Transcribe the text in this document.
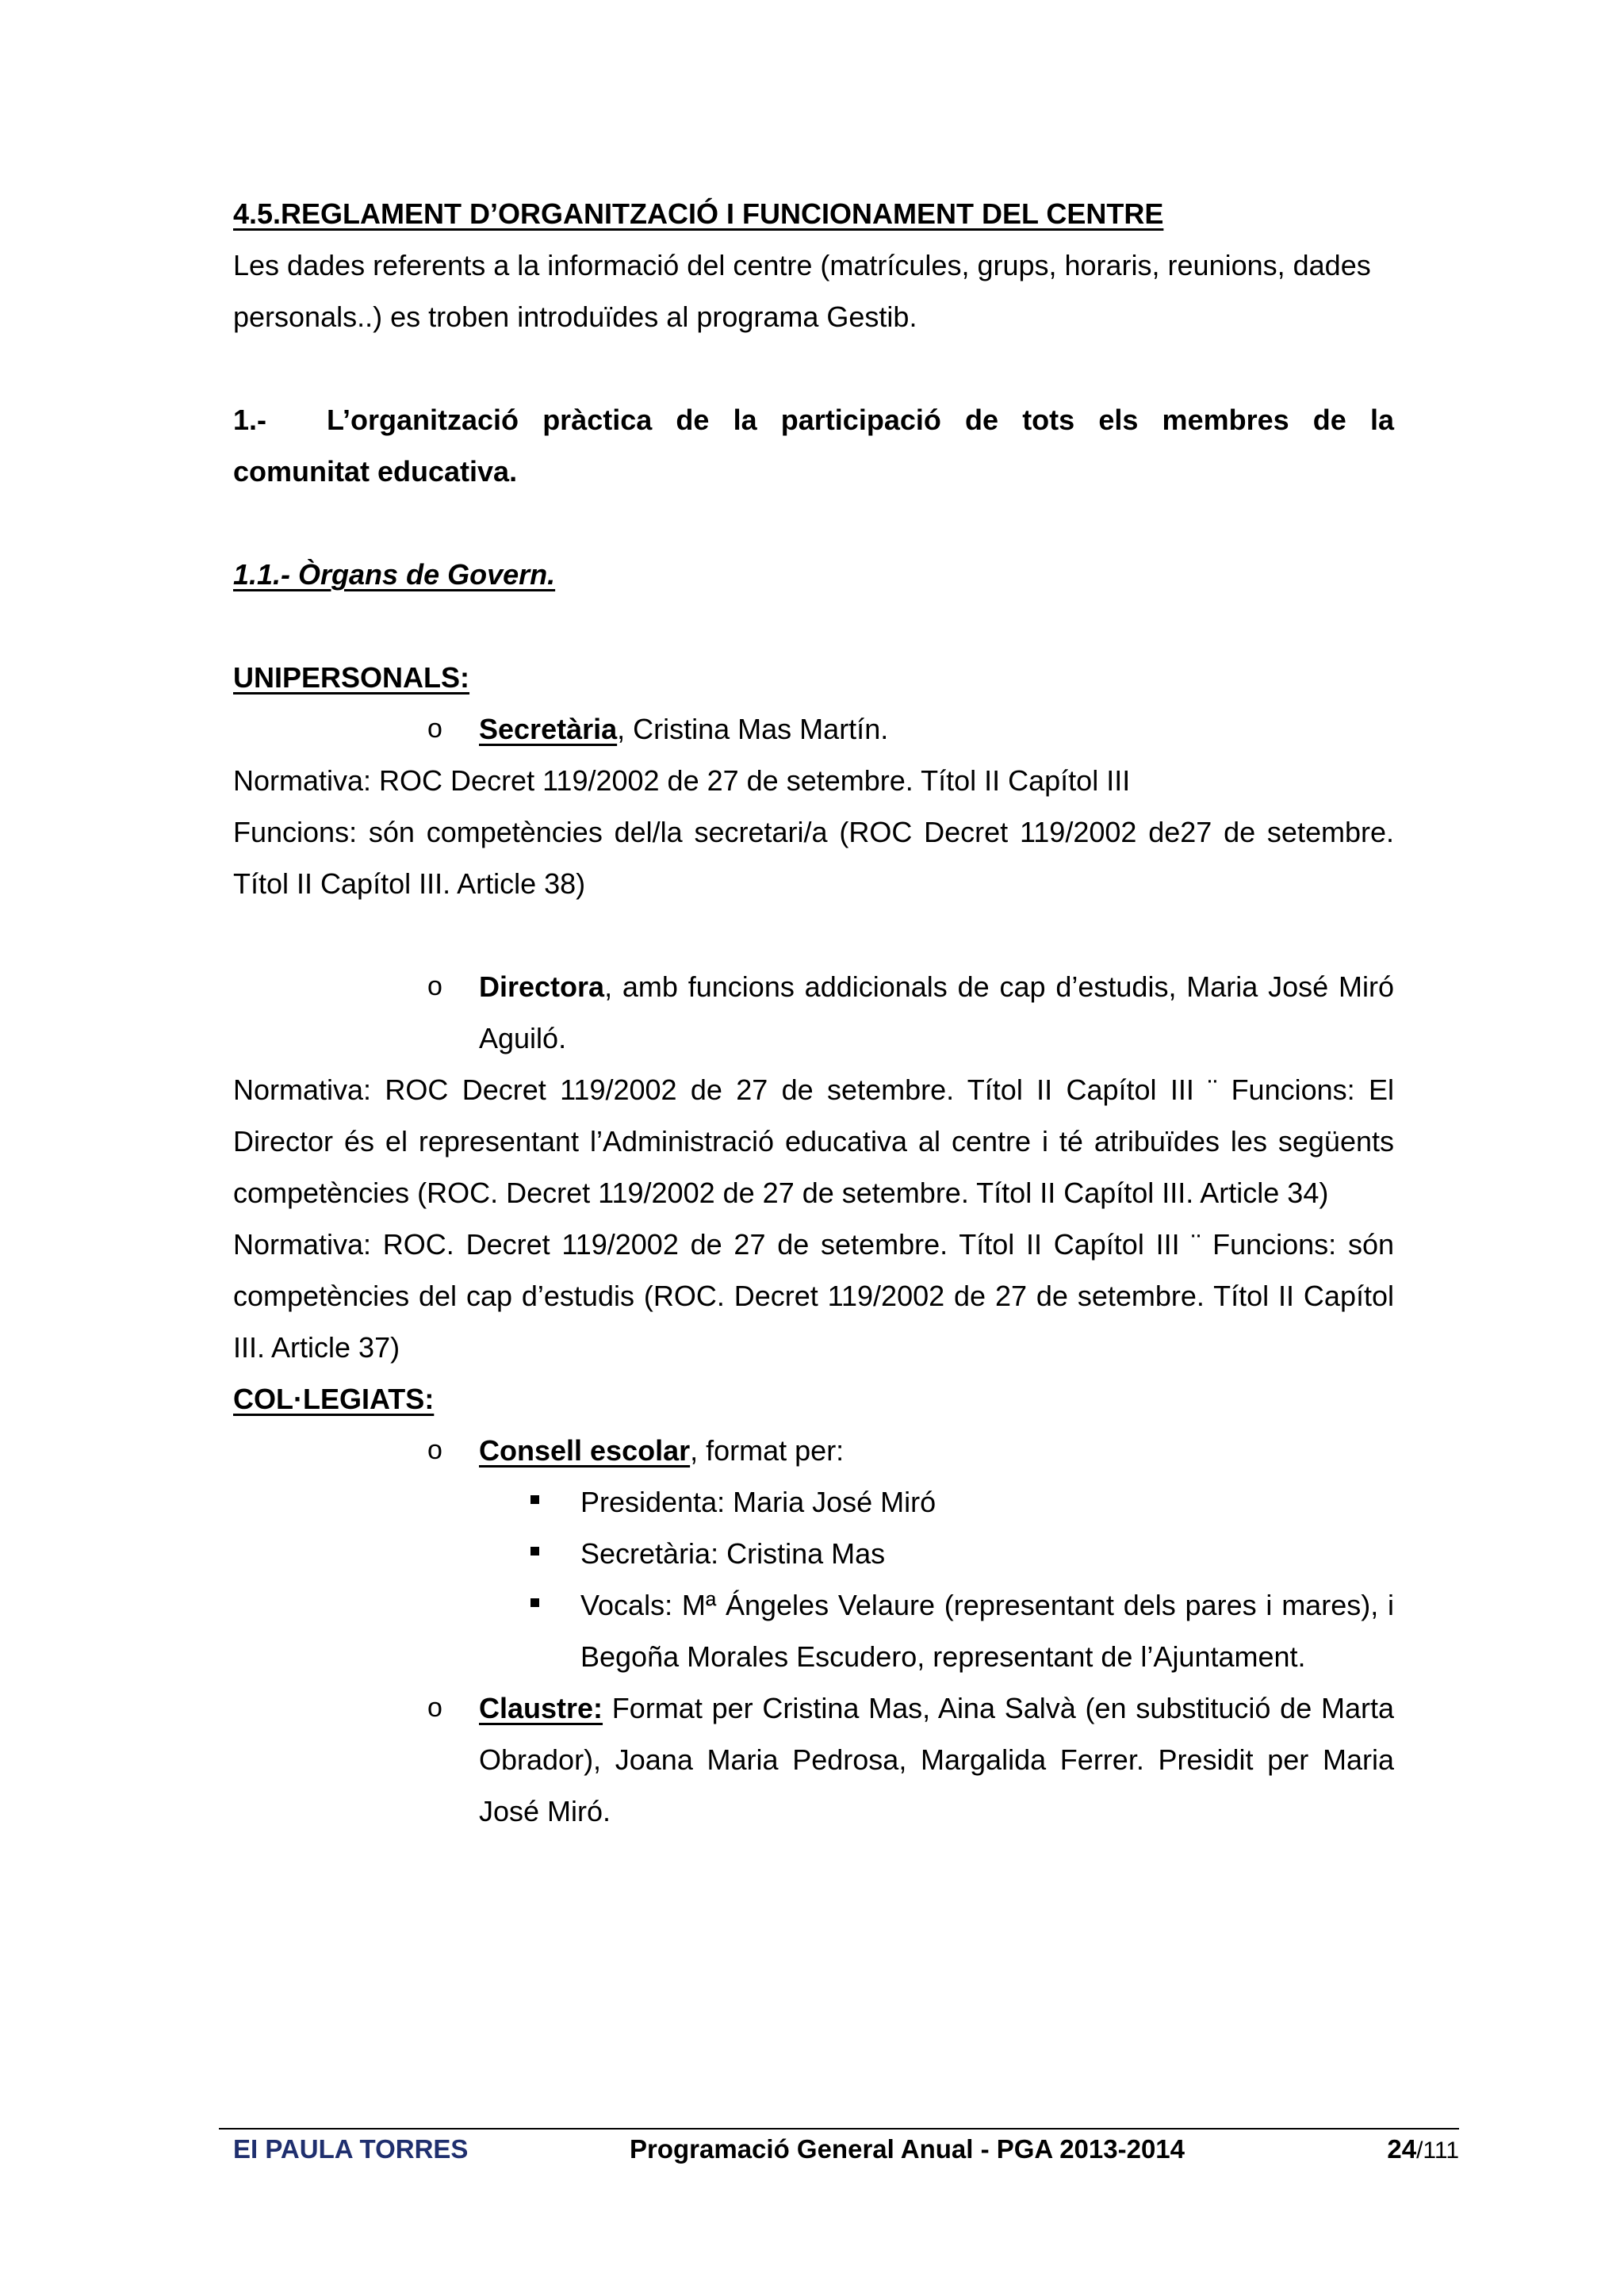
4.5.REGLAMENT D’ORGANITZACIÓ I FUNCIONAMENT DEL CENTRE

Les dades referents a la informació del centre (matrícules, grups, horaris, reunions, dades personals..) es troben introduïdes al programa Gestib.

1.-	L’organització pràctica de la participació de tots els membres de la

comunitat educativa.

1.1.- Òrgans de Govern.

UNIPERSONALS:

o	Secretària, Cristina Mas Martín.

Normativa: ROC Decret 119/2002 de 27 de setembre. Títol II Capítol III

Funcions: són competències del/la secretari/a (ROC Decret 119/2002 de27 de setembre. Títol II Capítol III. Article 38)

o	Directora, amb funcions addicionals de cap d’estudis, Maria José Miró Aguiló.

Normativa: ROC Decret 119/2002 de 27 de setembre. Títol II Capítol III ¨ Funcions: El Director és el representant l’Administració educativa al centre i té atribuïdes les següents competències (ROC. Decret 119/2002 de 27 de setembre. Títol II Capítol III. Article 34)

Normativa: ROC. Decret 119/2002 de 27 de setembre. Títol II Capítol III ¨ Funcions: són competències del cap d’estudis (ROC. Decret 119/2002 de 27 de setembre. Títol II Capítol III. Article 37)

COL·LEGIATS:

o	Consell escolar, format per:
Presidenta: Maria José Miró
Secretària: Cristina Mas
Vocals: Mª Ángeles Velaure (representant dels pares i mares), i Begoña Morales Escudero, representant de l’Ajuntament.
o	Claustre: Format per Cristina Mas, Aina Salvà (en substitució de Marta Obrador), Joana Maria Pedrosa, Margalida Ferrer. Presidit per Maria José Miró.
EI PAULA TORRES	Programació General Anual - PGA 2013-2014	24/111
